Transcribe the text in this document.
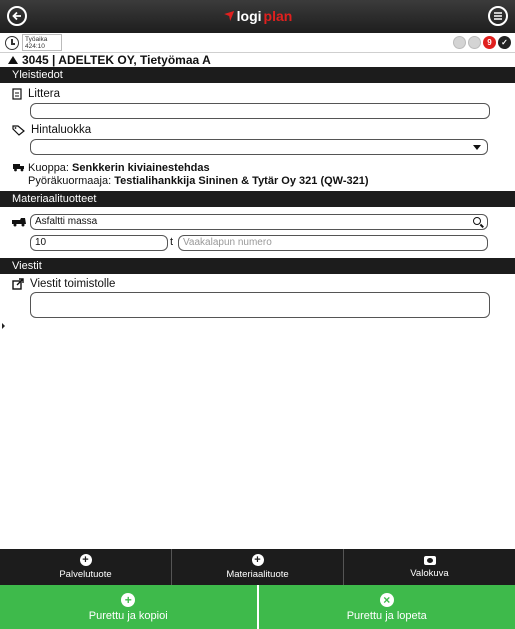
logi plan
Työaika
424:10	9	✓
3045 | ADELTEK OY, Tietyömaa A
Yleistiedot
Littera
Hintaluokka
Kuoppa: Senkkerin kiviainestehdas
Pyöräkuormaaja: Testialihankkija Sininen & Tytär Oy 321 (QW-321)
Materiaalituotteet
Asfaltti massa
10	t Vaakalapun numero
Viestit
Viestit toimistolle
+
Palvelutuote
+
Materiaalituote	Valokuva
+
Purettu ja kopioi
×
Purettu ja lopeta
